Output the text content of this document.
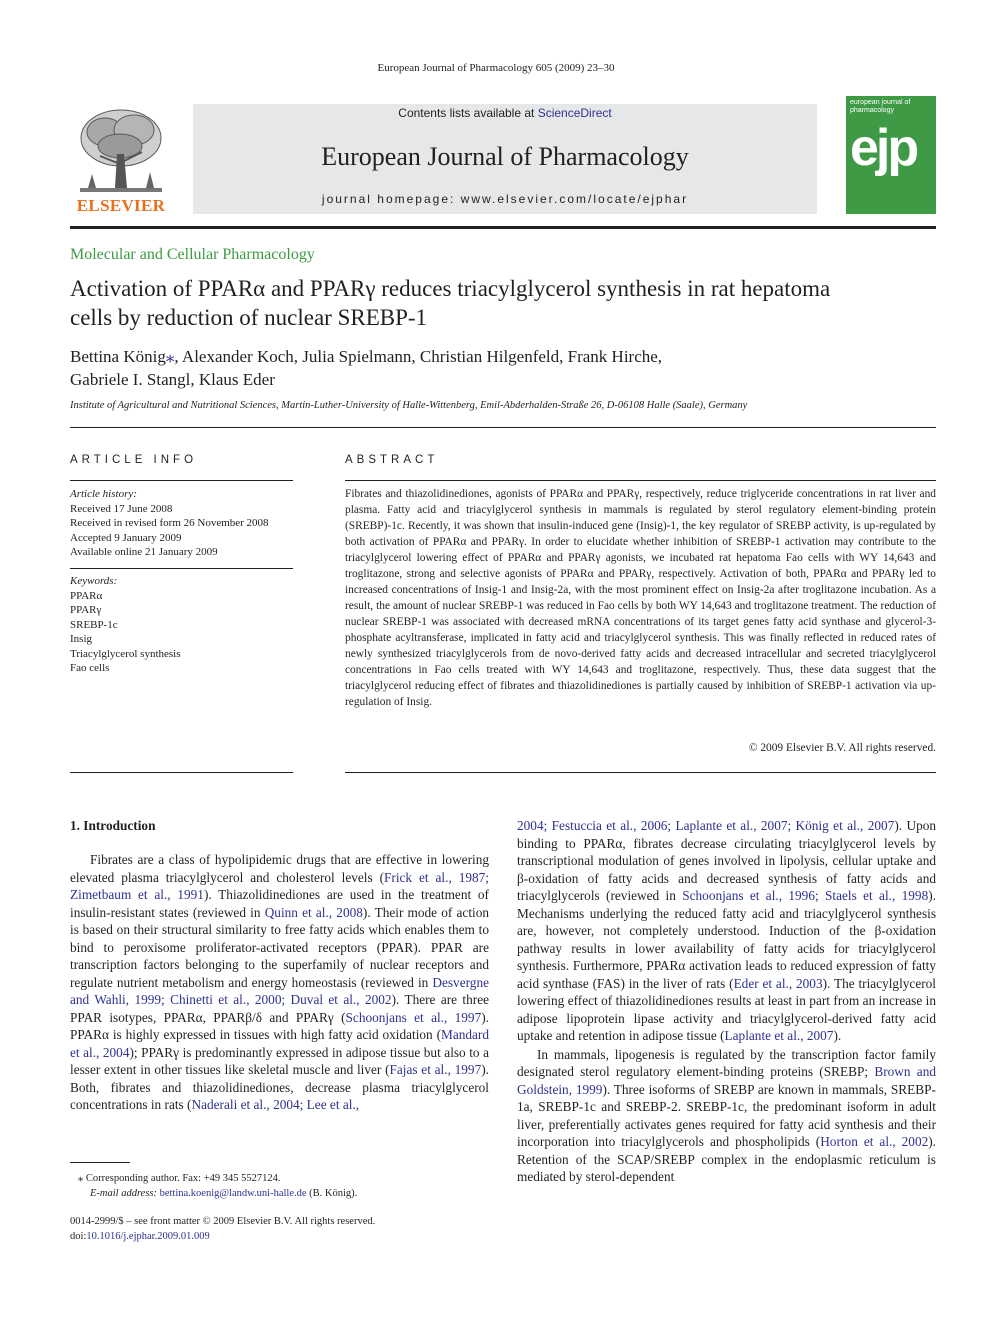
European Journal of Pharmacology 605 (2009) 23–30
ELSEVIER
Contents lists available at ScienceDirect
European Journal of Pharmacology
journal homepage: www.elsevier.com/locate/ejphar
european journal of pharmacology
ejp
Molecular and Cellular Pharmacology
Activation of PPARα and PPARγ reduces triacylglycerol synthesis in rat hepatoma
cells by reduction of nuclear SREBP-1
Bettina König⁎, Alexander Koch, Julia Spielmann, Christian Hilgenfeld, Frank Hirche,
Gabriele I. Stangl, Klaus Eder
Institute of Agricultural and Nutritional Sciences, Martin-Luther-University of Halle-Wittenberg, Emil-Abderhalden-Straße 26, D-06108 Halle (Saale), Germany
ARTICLE INFO
Article history:
Received 17 June 2008
Received in revised form 26 November 2008
Accepted 9 January 2009
Available online 21 January 2009
Keywords:
PPARα
PPARγ
SREBP-1c
Insig
Triacylglycerol synthesis
Fao cells
ABSTRACT
Fibrates and thiazolidinediones, agonists of PPARα and PPARγ, respectively, reduce triglyceride concentrations in rat liver and plasma. Fatty acid and triacylglycerol synthesis in mammals is regulated by sterol regulatory element-binding protein (SREBP)-1c. Recently, it was shown that insulin-induced gene (Insig)-1, the key regulator of SREBP activity, is up-regulated by both activation of PPARα and PPARγ. In order to elucidate whether inhibition of SREBP-1 activation may contribute to the triacylglycerol lowering effect of PPARα and PPARγ agonists, we incubated rat hepatoma Fao cells with WY 14,643 and troglitazone, strong and selective agonists of PPARα and PPARγ, respectively. Activation of both, PPARα and PPARγ led to increased concentrations of Insig-1 and Insig-2a, with the most prominent effect on Insig-2a after troglitazone incubation. As a result, the amount of nuclear SREBP-1 was reduced in Fao cells by both WY 14,643 and troglitazone treatment. The reduction of nuclear SREBP-1 was associated with decreased mRNA concentrations of its target genes fatty acid synthase and glycerol-3-phosphate acyltransferase, implicated in fatty acid and triacylglycerol synthesis. This was finally reflected in reduced rates of newly synthesized triacylglycerols from de novo-derived fatty acids and decreased intracellular and secreted triacylglycerol concentrations in Fao cells treated with WY 14,643 and troglitazone, respectively. Thus, these data suggest that the triacylglycerol reducing effect of fibrates and thiazolidinediones is partially caused by inhibition of SREBP-1 activation via up-regulation of Insig.
© 2009 Elsevier B.V. All rights reserved.
1. Introduction

Fibrates are a class of hypolipidemic drugs that are effective in lowering elevated plasma triacylglycerol and cholesterol levels (Frick et al., 1987; Zimetbaum et al., 1991). Thiazolidinediones are used in the treatment of insulin-resistant states (reviewed in Quinn et al., 2008). Their mode of action is based on their structural similarity to free fatty acids which enables them to bind to peroxisome proliferator-activated receptors (PPAR). PPAR are transcription factors belonging to the superfamily of nuclear receptors and regulate nutrient metabolism and energy homeostasis (reviewed in Desvergne and Wahli, 1999; Chinetti et al., 2000; Duval et al., 2002). There are three PPAR isotypes, PPARα, PPARβ/δ and PPARγ (Schoonjans et al., 1997). PPARα is highly expressed in tissues with high fatty acid oxidation (Mandard et al., 2004); PPARγ is predominantly expressed in adipose tissue but also to a lesser extent in other tissues like skeletal muscle and liver (Fajas et al., 1997). Both, fibrates and thiazolidinediones, decrease plasma triacylglycerol concentrations in rats (Naderali et al., 2004; Lee et al.,

2004; Festuccia et al., 2006; Laplante et al., 2007; König et al., 2007). Upon binding to PPARα, fibrates decrease circulating triacylglycerol levels by transcriptional modulation of genes involved in lipolysis, cellular uptake and β-oxidation of fatty acids and decreased synthesis of fatty acids and triacylglycerols (reviewed in Schoonjans et al., 1996; Staels et al., 1998). Mechanisms underlying the reduced fatty acid and triacylglycerol synthesis are, however, not completely understood. Induction of the β-oxidation pathway results in lower availability of fatty acids for triacylglycerol synthesis. Furthermore, PPARα activation leads to reduced expression of fatty acid synthase (FAS) in the liver of rats (Eder et al., 2003). The triacylglycerol lowering effect of thiazolidinediones results at least in part from an increase in adipose lipoprotein lipase activity and triacylglycerol-derived fatty acid uptake and retention in adipose tissue (Laplante et al., 2007).

In mammals, lipogenesis is regulated by the transcription factor family designated sterol regulatory element-binding proteins (SREBP; Brown and Goldstein, 1999). Three isoforms of SREBP are known in mammals, SREBP-1a, SREBP-1c and SREBP-2. SREBP-1c, the predominant isoform in adult liver, preferentially activates genes required for fatty acid synthesis and their incorporation into triacylglycerols and phospholipids (Horton et al., 2002). Retention of the SCAP/SREBP complex in the endoplasmic reticulum is mediated by sterol-dependent

⁎ Corresponding author. Fax: +49 345 5527124.
E-mail address: bettina.koenig@landw.uni-halle.de (B. König).
0014-2999/$ – see front matter © 2009 Elsevier B.V. All rights reserved.
doi:10.1016/j.ejphar.2009.01.009
